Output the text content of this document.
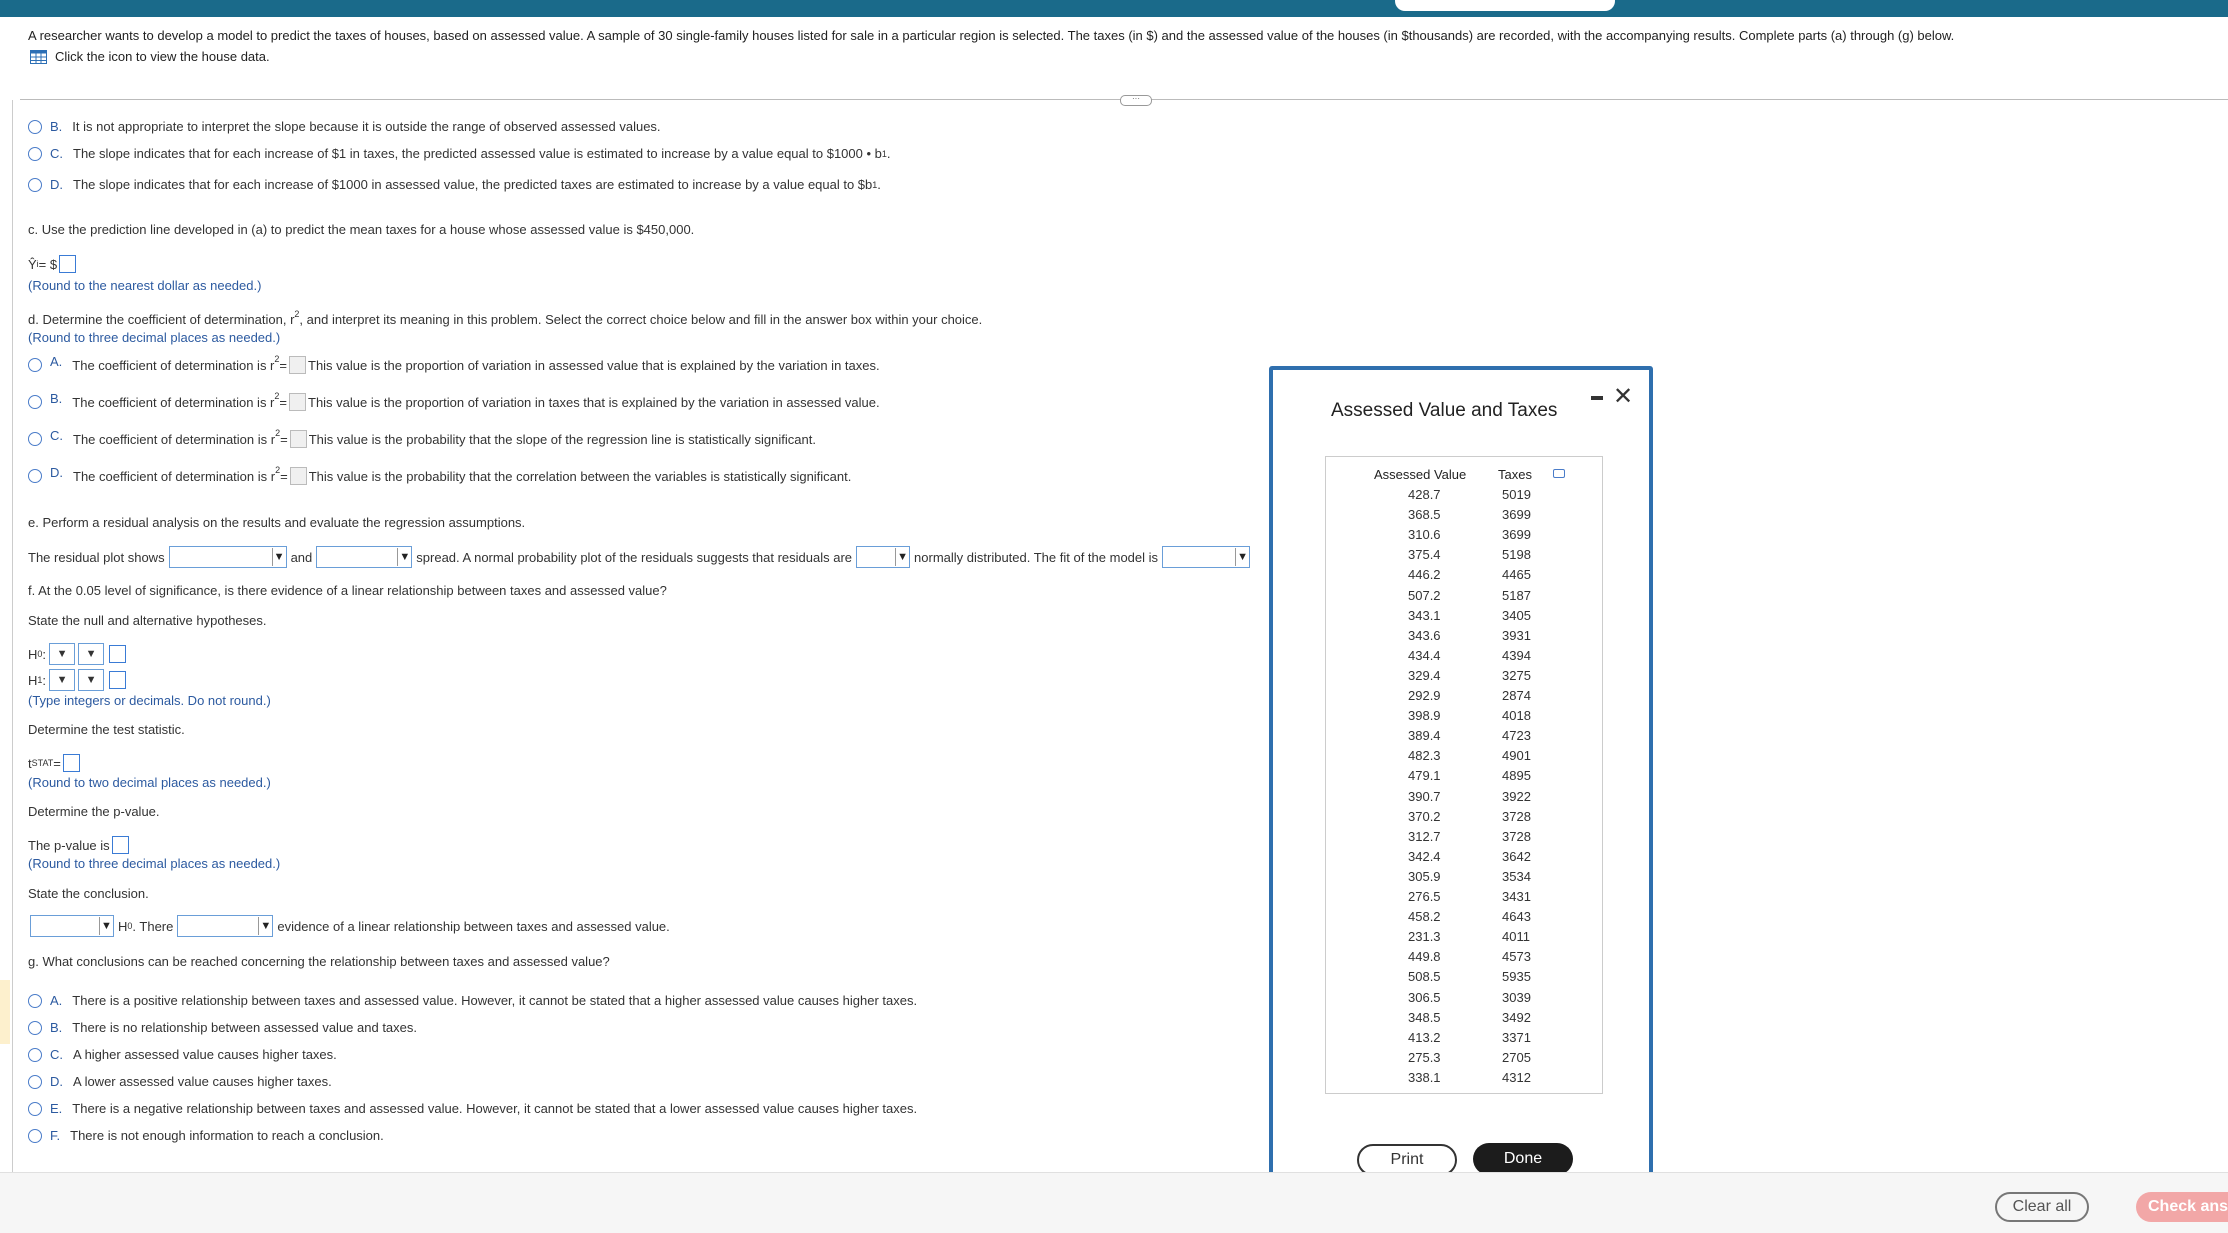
A researcher wants to develop a model to predict the taxes of houses, based on assessed value. A sample of 30 single-family houses listed for sale in a particular region is selected. The taxes (in $) and the assessed value of the houses (in $thousands) are recorded, with the accompanying results. Complete parts (a) through (g) below.
Click the icon to view the house data.
···
B. It is not appropriate to interpret the slope because it is outside the range of observed assessed values.
C. The slope indicates that for each increase of $1 in taxes, the predicted assessed value is estimated to increase by a value equal to $1000 • b 1 .
D. The slope indicates that for each increase of $1000 in assessed value, the predicted taxes are estimated to increase by a value equal to $b 1 .
c. Use the prediction line developed in (a) to predict the mean taxes for a house whose assessed value is $450,000.
Ŷ i = $
(Round to the nearest dollar as needed.)
d. Determine the coefficient of determination, $r^2$ , and interpret its meaning in this problem. Select the correct choice below and fill in the answer box within your choice.
(Round to three decimal places as needed.)
A. The coefficient of determination is $r^2$ = This value is the proportion of variation in assessed value that is explained by the variation in taxes.
B. The coefficient of determination is $r^2$ = This value is the proportion of variation in taxes that is explained by the variation in assessed value.
C. The coefficient of determination is $r^2$ = This value is the probability that the slope of the regression line is statistically significant.
D. The coefficient of determination is $r^2$ = This value is the probability that the correlation between the variables is statistically significant.
e. Perform a residual analysis on the results and evaluate the regression assumptions.
The residual plot shows	▼ and	▼ spread. A normal probability plot of the residuals suggests that residuals are	▼ normally distributed. The fit of the model is	▼
f. At the 0.05 level of significance, is there evidence of a linear relationship between taxes and assessed value?
State the null and alternative hypotheses.
H 0 : ▼	▼
H 1 : ▼	▼
(Type integers or decimals. Do not round.)
Determine the test statistic.
t STAT =
(Round to two decimal places as needed.)
Determine the p-value.
The p-value is
(Round to three decimal places as needed.)
State the conclusion.
▼ H 0 . There	▼ evidence of a linear relationship between taxes and assessed value.
g. What conclusions can be reached concerning the relationship between taxes and assessed value?
A. There is a positive relationship between taxes and assessed value. However, it cannot be stated that a higher assessed value causes higher taxes.
B. There is no relationship between assessed value and taxes.
C. A higher assessed value causes higher taxes.
D. A lower assessed value causes higher taxes.
E. There is a negative relationship between taxes and assessed value. However, it cannot be stated that a lower assessed value causes higher taxes.
F. There is not enough information to reach a conclusion.
Assessed Value and Taxes
✕
Assessed Value Taxes
428.7	5019
368.5	3699
310.6	3699
375.4	5198
446.2	4465
507.2	5187
343.1	3405
343.6	3931
434.4	4394
329.4	3275
292.9	2874
398.9	4018
389.4	4723
482.3	4901
479.1	4895
390.7	3922
370.2	3728
312.7	3728
342.4	3642
305.9	3534
276.5	3431
458.2	4643
231.3	4011
449.8	4573
508.5	5935
306.5	3039
348.5	3492
413.2	3371
275.3	2705
338.1	4312
Print	Done
Clear all	Check ans
